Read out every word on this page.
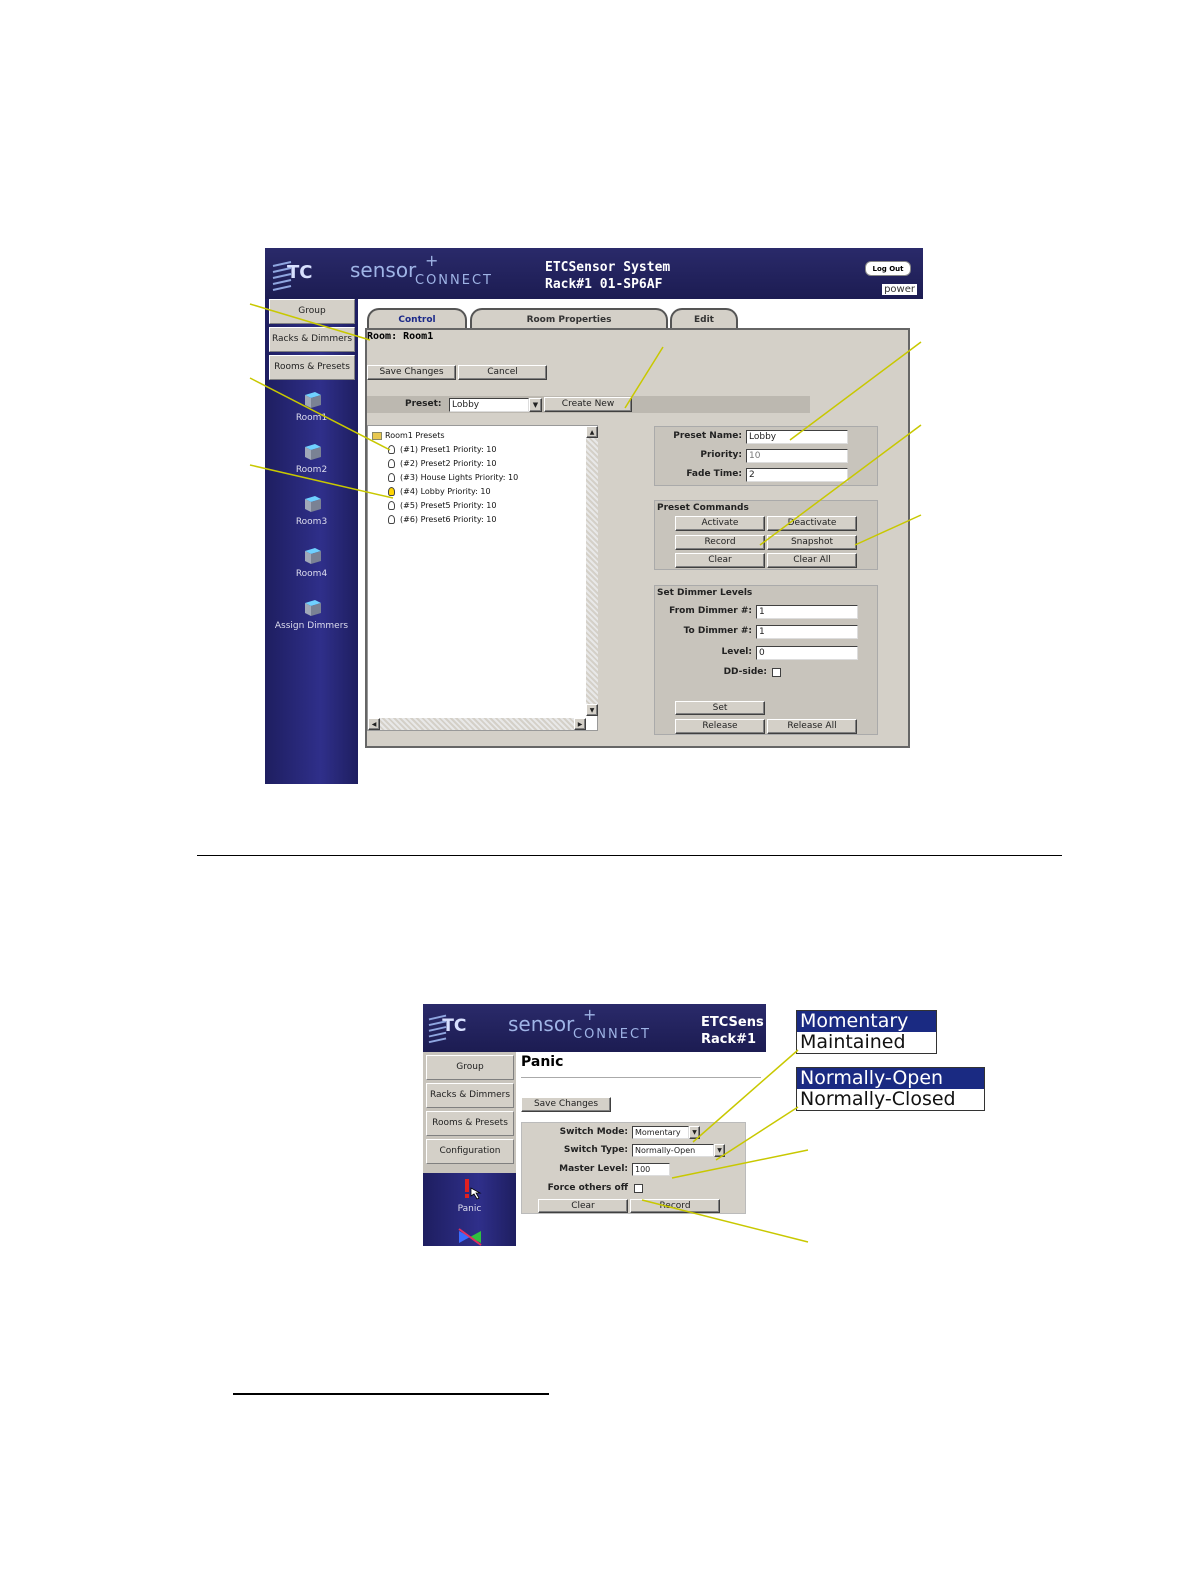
TC sensor +
CONNECT
ETCSensor System
Rack#1 01-SP6AF
Log Out
power
Group
Racks & Dimmers
Rooms & Presets
Room1
Room2
Room3
Room4
Assign Dimmers
Control	Room Properties	Edit
Room: Room1
Save Changes	Cancel
Preset:	Lobby	▼	Create New
Room1 Presets
(#1) Preset1 Priority: 10
(#2) Preset2 Priority: 10
(#3) House Lights Priority: 10
(#4) Lobby Priority: 10
(#5) Preset5 Priority: 10
(#6) Preset6 Priority: 10
▲
▼
◀	▶
Preset Name: Lobby
Priority: 10
Fade Time: 2
Preset Commands
Activate	Deactivate
Record	Snapshot
Clear	Clear All
Set Dimmer Levels
From Dimmer #: 1
To Dimmer #: 1
Level: 0
DD-side:
Set
Release	Release All
TC sensor +
CONNECT
ETCSens
Rack#1
Group
Racks & Dimmers
Rooms & Presets
Configuration
Panic
Panic
Save Changes
Switch Mode: Momentary	▼
Switch Type: Normally-Open	▼
Master Level: 100
Force others off
Clear	Record
Momentary
Maintained
Normally-Open
Normally-Closed
